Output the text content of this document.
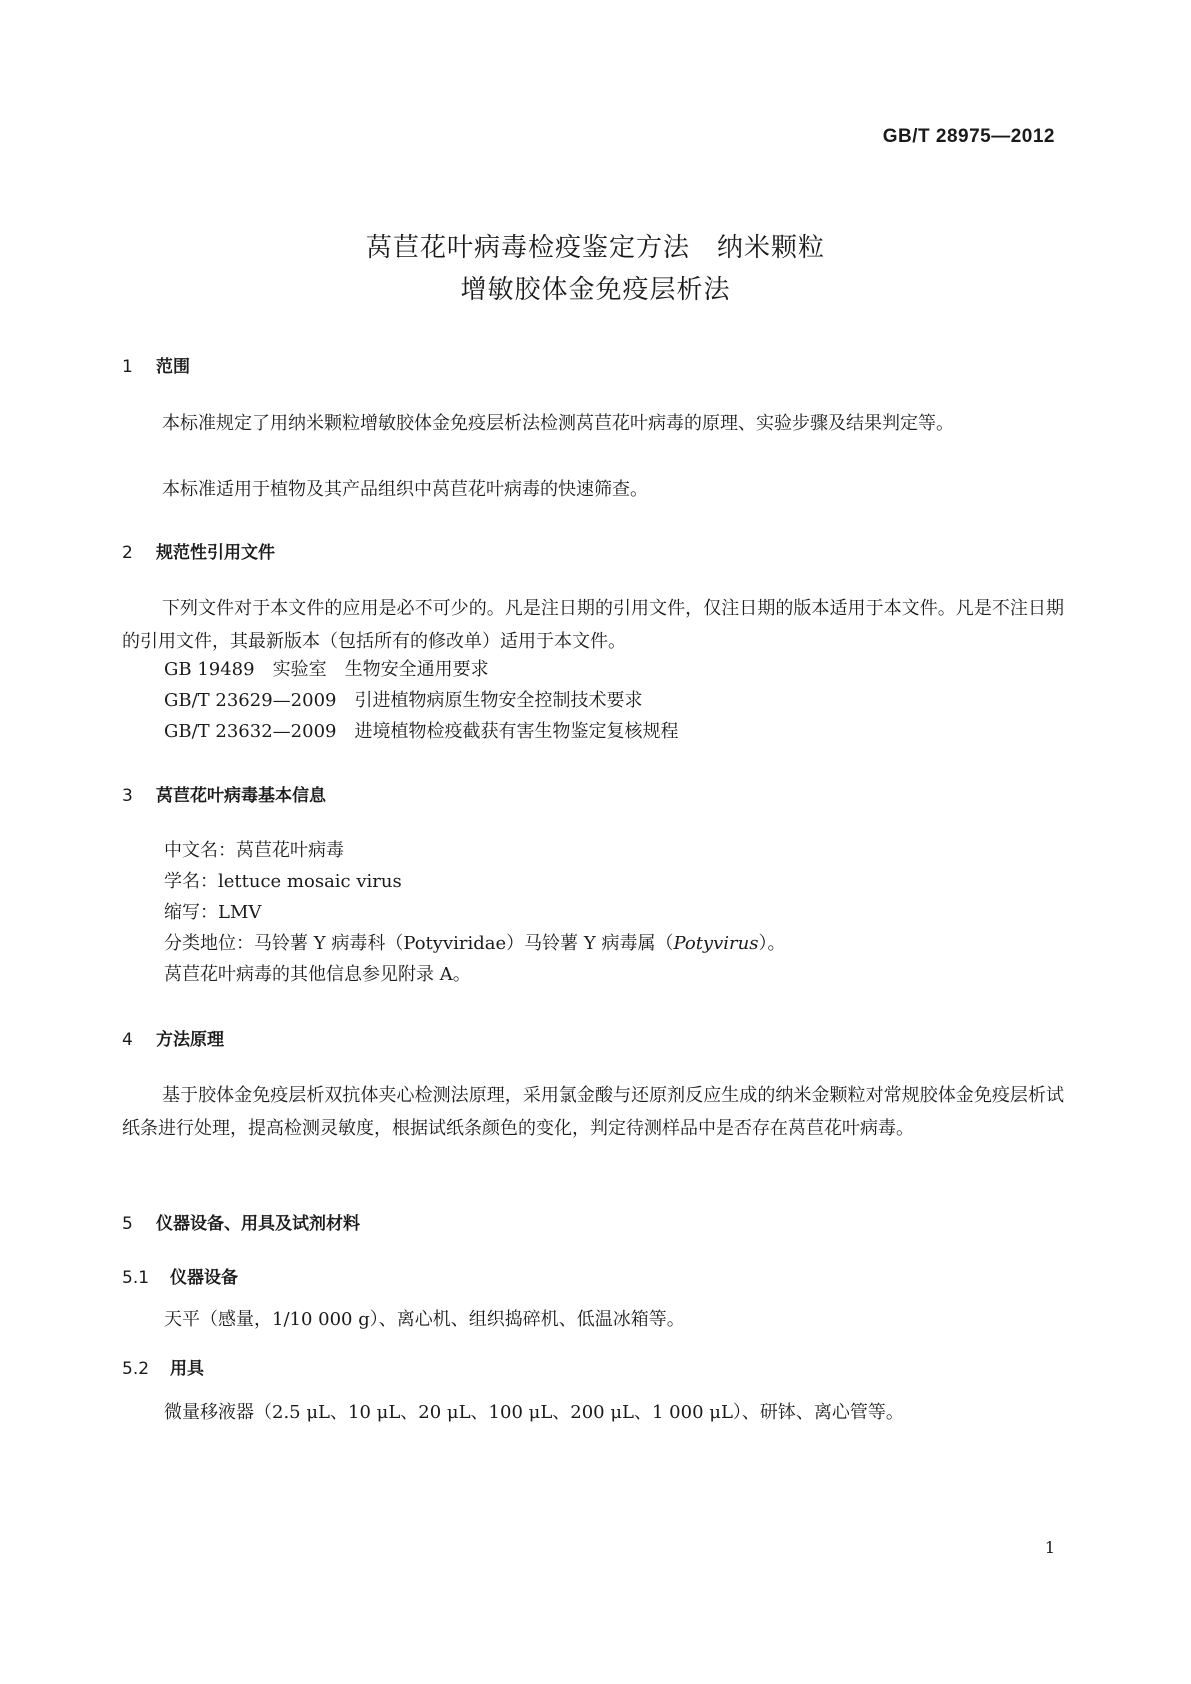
GB/T 28975—2012
莴苣花叶病毒检疫鉴定方法　纳米颗粒
增敏胶体金免疫层析法
1 范围
本标准规定了用纳米颗粒增敏胶体金免疫层析法检测莴苣花叶病毒的原理、实验步骤及结果判定等。
本标准适用于植物及其产品组织中莴苣花叶病毒的快速筛查。
2 规范性引用文件
下列文件对于本文件的应用是必不可少的。凡是注日期的引用文件，仅注日期的版本适用于本文件。凡是不注日期的引用文件，其最新版本（包括所有的修改单）适用于本文件。
GB 19489　实验室　生物安全通用要求
GB/T 23629—2009　引进植物病原生物安全控制技术要求
GB/T 23632—2009　进境植物检疫截获有害生物鉴定复核规程
3 莴苣花叶病毒基本信息
中文名：莴苣花叶病毒
学名：lettuce mosaic virus
缩写：LMV
分类地位：马铃薯 Y 病毒科（Potyviridae）马铃薯 Y 病毒属（Potyvirus）。
莴苣花叶病毒的其他信息参见附录 A。
4 方法原理
基于胶体金免疫层析双抗体夹心检测法原理，采用氯金酸与还原剂反应生成的纳米金颗粒对常规胶体金免疫层析试纸条进行处理，提高检测灵敏度，根据试纸条颜色的变化，判定待测样品中是否存在莴苣花叶病毒。
5 仪器设备、用具及试剂材料
5.1 仪器设备
天平（感量，1/10 000 g）、离心机、组织捣碎机、低温冰箱等。
5.2 用具
微量移液器（2.5 μL、10 μL、20 μL、100 μL、200 μL、1 000 μL）、研钵、离心管等。
1
